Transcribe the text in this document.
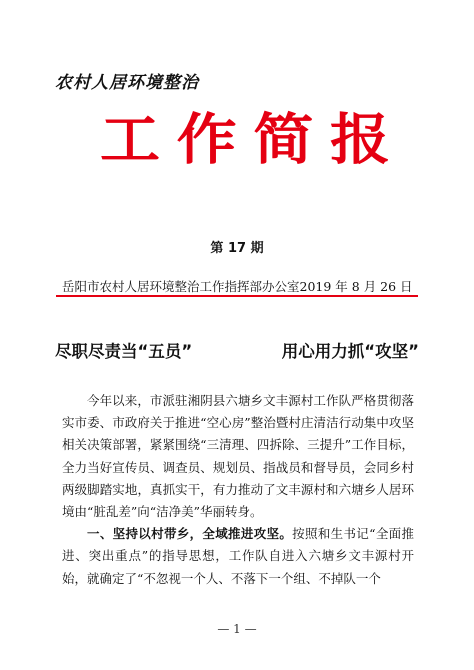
农村人居环境整治
工 作 简 报
第 17 期
岳阳市农村人居环境整治工作指挥部办公室 2019 年 8 月 26 日
尽职尽责当“五员”	用心用力抓“攻坚”

今年以来，市派驻湘阴县六塘乡文丰源村工作队严格贯彻落实市委、市政府关于推进“空心房”整治暨村庄清洁行动集中攻坚相关决策部署，紧紧围绕“三清理、四拆除、三提升”工作目标，全力当好宣传员、调查员、规划员、指战员和督导员，会同乡村两级脚踏实地，真抓实干，有力推动了文丰源村和六塘乡人居环境由“脏乱差”向“洁净美”华丽转身。

一、坚持以村带乡，全域推进攻坚。按照和生书记“全面推进、突出重点”的指导思想，工作队自进入六塘乡文丰源村开始，就确定了“不忽视一个人、不落下一个组、不掉队一个

— 1 —
